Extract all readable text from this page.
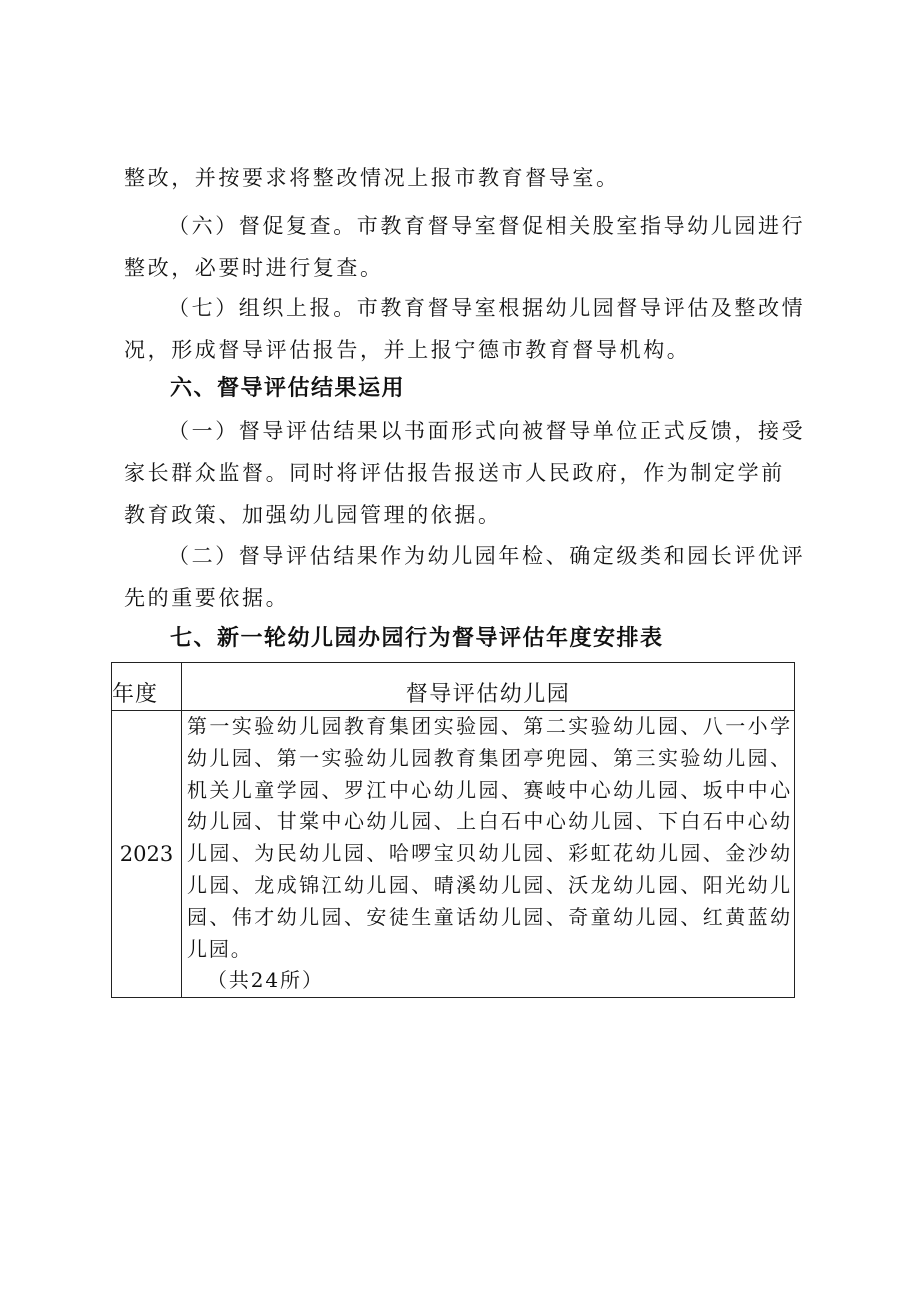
整改，并按要求将整改情况上报市教育督导室。

（六）督促复查。市教育督导室督促相关股室指导幼儿园进行整改，必要时进行复查。

（七）组织上报。市教育督导室根据幼儿园督导评估及整改情况，形成督导评估报告，并上报宁德市教育督导机构。

六、督导评估结果运用

（一）督导评估结果以书面形式向被督导单位正式反馈，接受家长群众监督。同时将评估报告报送市人民政府，作为制定学前教育政策、加强幼儿园管理的依据。

（二）督导评估结果作为幼儿园年检、确定级类和园长评优评先的重要依据。

七、新一轮幼儿园办园行为督导评估年度安排表
年度	督导评估幼儿园
2023	第一实验幼儿园教育集团实验园、第二实验幼儿园、八一小学幼儿园、第一实验幼儿园教育集团亭兜园、第三实验幼儿园、机关儿童学园、罗江中心幼儿园、赛岐中心幼儿园、坂中中心幼儿园、甘棠中心幼儿园、上白石中心幼儿园、下白石中心幼儿园、为民幼儿园、哈啰宝贝幼儿园、彩虹花幼儿园、金沙幼儿园、龙成锦江幼儿园、晴溪幼儿园、沃龙幼儿园、阳光幼儿园、伟才幼儿园、安徒生童话幼儿园、奇童幼儿园、红黄蓝幼儿园。
（共24所）
